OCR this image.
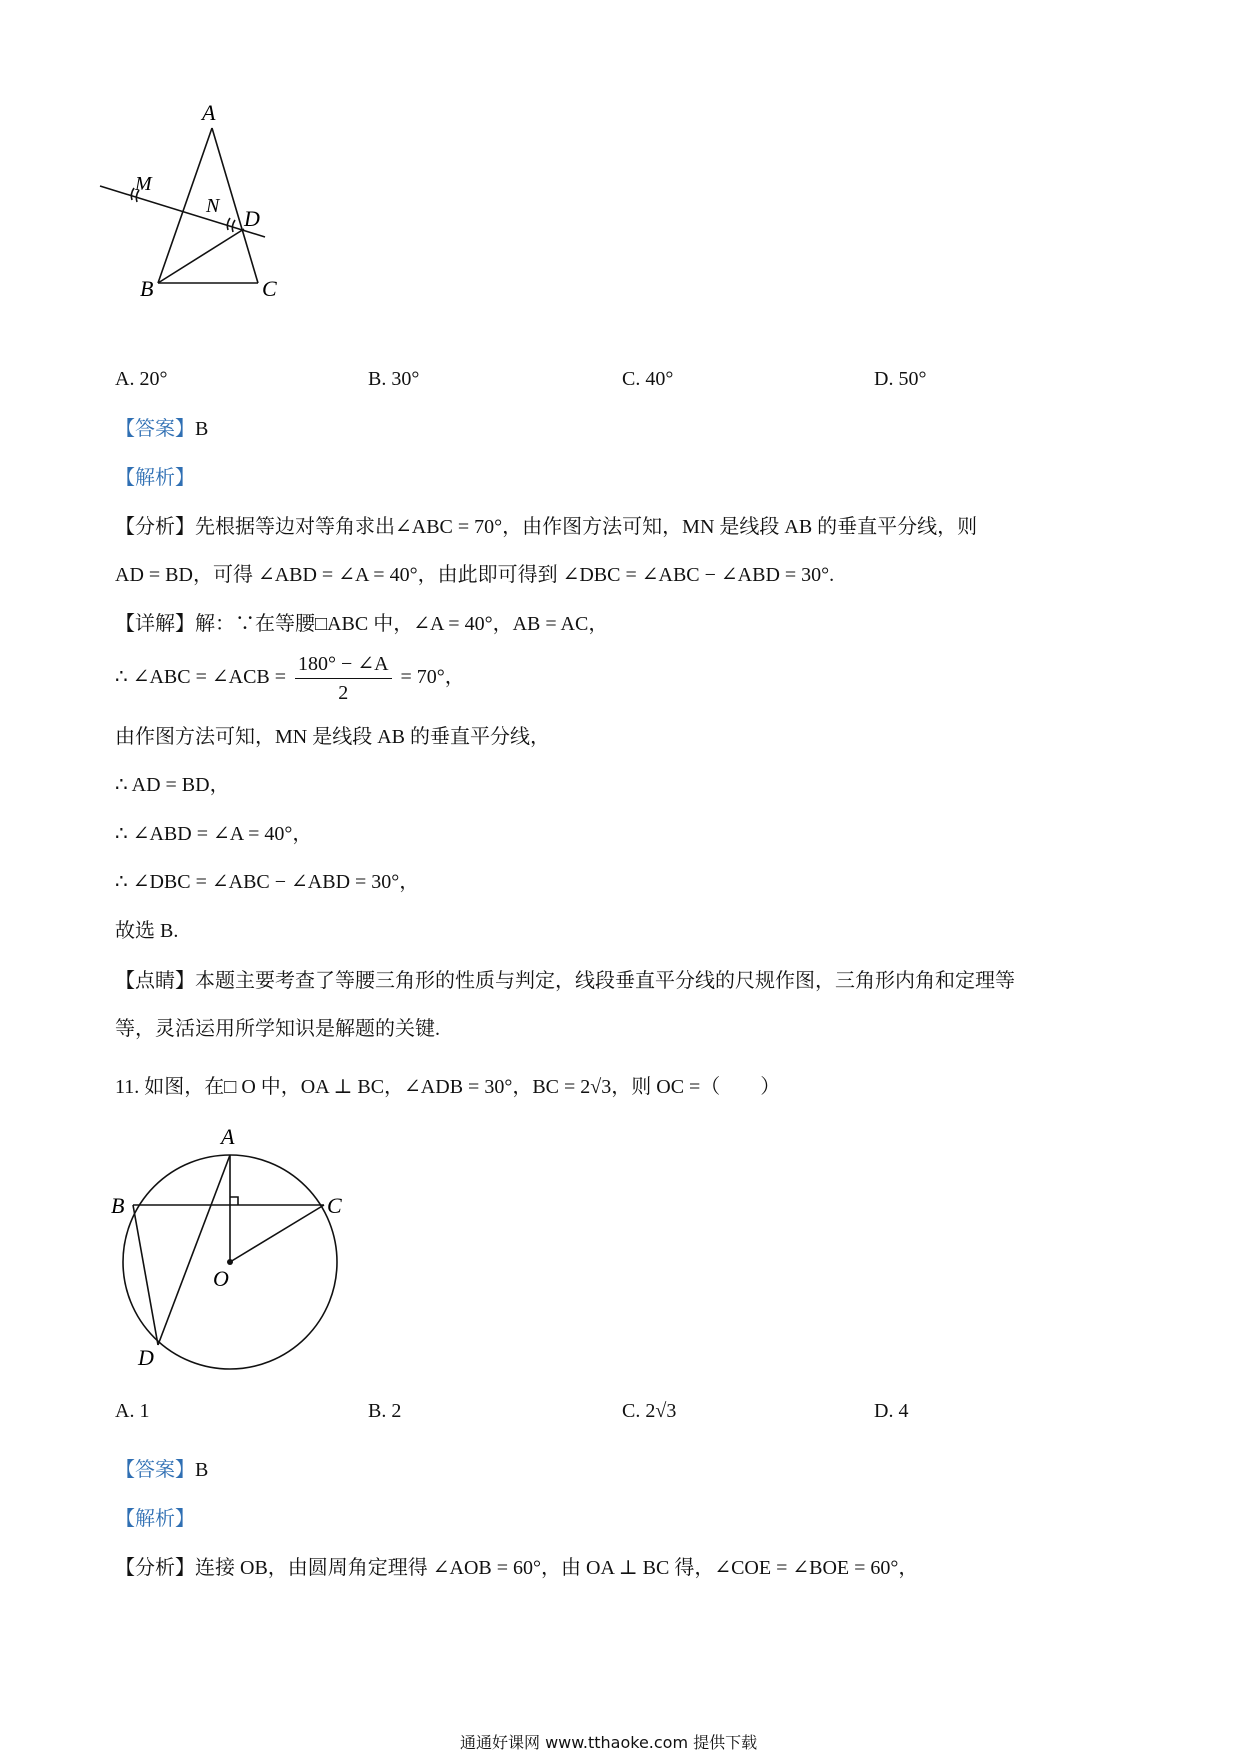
A
B	C
D
M
N
A. 20°	B. 30°	C. 40°	D. 50°
【答案】B
【解析】
【分析】先根据等边对等角求出∠ABC = 70°，由作图方法可知，MN 是线段 AB 的垂直平分线，则
AD = BD，可得 ∠ABD = ∠A = 40°，由此即可得到 ∠DBC = ∠ABC − ∠ABD = 30°.
【详解】解：∵在等腰□ABC 中，∠A = 40°，AB = AC，
∴ ∠ABC = ∠ACB = $\frac{180^\circ - \angle A}{2} = 70^\circ$，
由作图方法可知，MN 是线段 AB 的垂直平分线，
∴ AD = BD，
∴ ∠ABD = ∠A = 40°，
∴ ∠DBC = ∠ABC − ∠ABD = 30°，
故选 B.
【点睛】本题主要考查了等腰三角形的性质与判定，线段垂直平分线的尺规作图，三角形内角和定理等
等，灵活运用所学知识是解题的关键.
11. 如图，在□ O 中，OA ⊥ BC，∠ADB = 30°，BC = 2√3，则 OC =（　　）
A
B	C
O
D
A. 1	B. 2	C. 2√3	D. 4
【答案】B
【解析】
【分析】连接 OB，由圆周角定理得 ∠AOB = 60°，由 OA ⊥ BC 得，∠COE = ∠BOE = 60°，
通通好课网 www.tthaoke.com 提供下载
